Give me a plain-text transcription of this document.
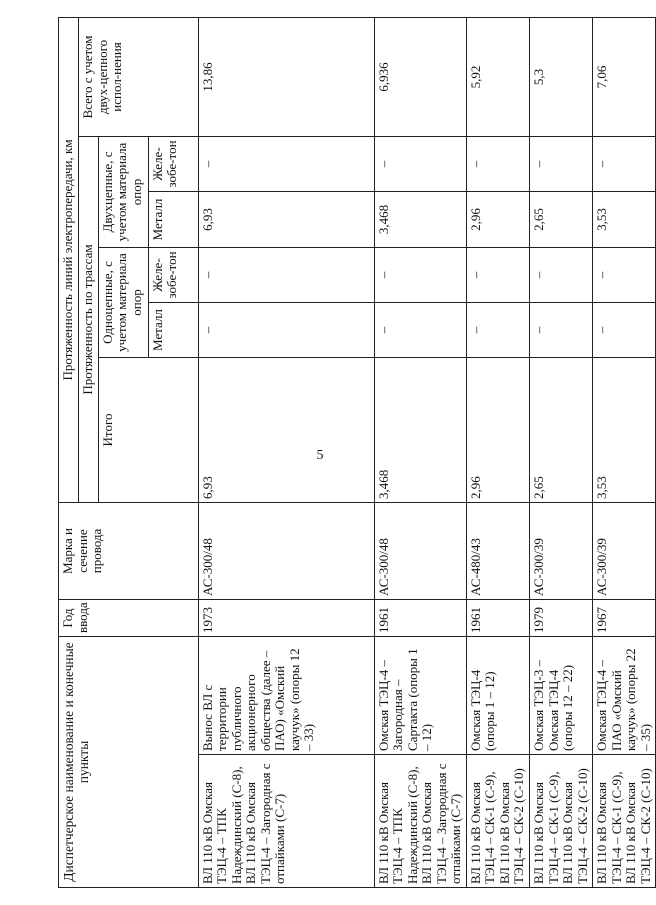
5
Диспетчерское наименование и конечные пункты		Год ввода	Марка и сечение провода	Протяженность линий электропередачи, км					
				Протяженность по трассам					Всего с учетом двух-цепного испол-нения
				Итого	Одноцепные, с учетом материала опор		Двухцепные, с учетом материала опор		
					Металл	Желе-зобе-тон	Металл	Желе-зобе-тон	
ВЛ 110 кВ Омская ТЭЦ-4 – ТПК Надеждинский (С-8), ВЛ 110 кВ Омская ТЭЦ-4 – Загородная с отпайками (С-7)	Вынос ВЛ с территории публичного акционерного общества (далее – ПАО) «Омский каучук» (опоры 12 – 33)	1973	АС-300/48	6,93	–	–	6,93	–	13,86
ВЛ 110 кВ Омская ТЭЦ-4 – ТПК Надеждинский (С-8), ВЛ 110 кВ Омская ТЭЦ-4 – Загородная с отпайками (С-7)	Омская ТЭЦ-4 – Загородная – Сартакта (опоры 1 – 12)	1961	АС-300/48	3,468	–	–	3,468	–	6,936
ВЛ 110 кВ Омская ТЭЦ-4 – СК-1 (С-9), ВЛ 110 кВ Омская ТЭЦ-4 – СК-2 (С-10)	Омская ТЭЦ-4 (опоры 1 – 12)	1961	АС-480/43	2,96	–	–	2,96	–	5,92
ВЛ 110 кВ Омская ТЭЦ-4 – СК-1 (С-9), ВЛ 110 кВ Омская ТЭЦ-4 – СК-2 (С-10)	Омская ТЭЦ-3 – Омская ТЭЦ-4 (опоры 12 – 22)	1979	АС-300/39	2,65	–	–	2,65	–	5,3
ВЛ 110 кВ Омская ТЭЦ-4 – СК-1 (С-9), ВЛ 110 кВ Омская ТЭЦ-4 – СК-2 (С-10)	Омская ТЭЦ-4 – ПАО «Омский каучук» (опоры 22 – 35)	1967	АС-300/39	3,53	–	–	3,53	–	7,06
